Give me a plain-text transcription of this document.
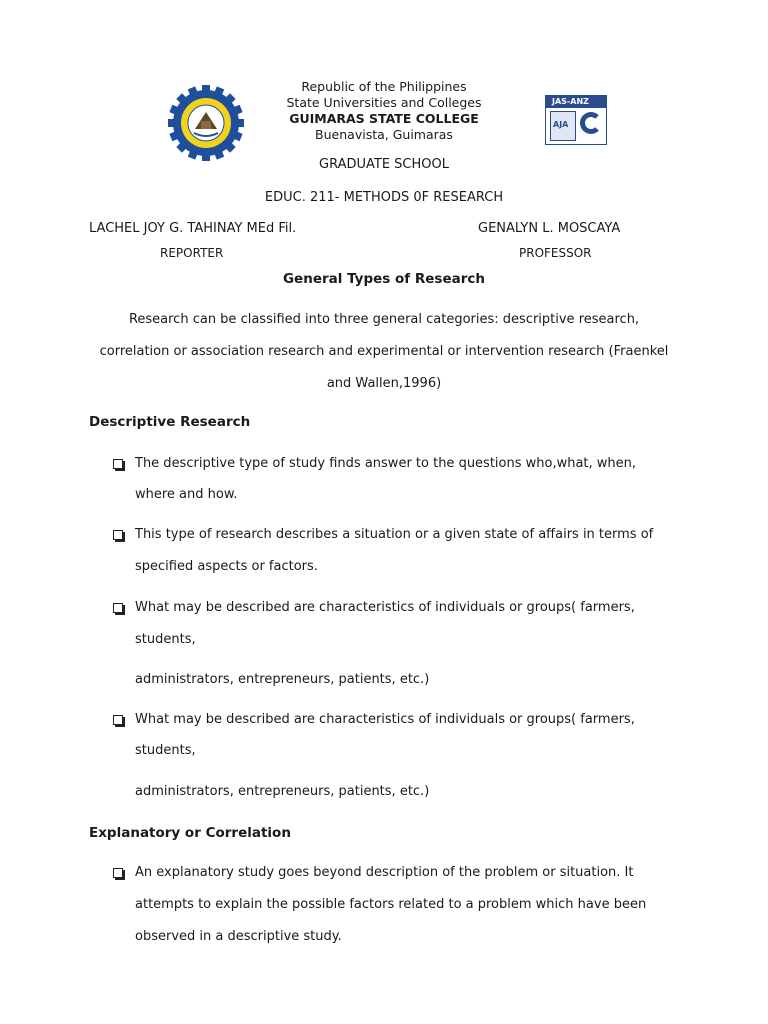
JAS-ANZ
AJA
Republic of the Philippines
State Universities and Colleges
GUIMARAS STATE COLLEGE
Buenavista, Guimaras
GRADUATE SCHOOL
EDUC. 211- METHODS 0F RESEARCH
LACHEL JOY G. TAHINAY MEd Fil.	GENALYN L. MOSCAYA
REPORTER	PROFESSOR
General Types of Research
Research can be classified into three general categories: descriptive research,
correlation or association research and experimental or intervention research (Fraenkel
and Wallen,1996)
Descriptive Research
The descriptive type of study finds answer to the questions who,what, when,
where and how.
This type of research describes a situation or a given state of affairs in terms of
specified aspects or factors.
What may be described are characteristics of individuals or groups( farmers,
students,
administrators, entrepreneurs, patients, etc.)
What may be described are characteristics of individuals or groups( farmers,
students,
administrators, entrepreneurs, patients, etc.)
Explanatory or Correlation
An explanatory study goes beyond description of the problem or situation. It
attempts to explain the possible factors related to a problem which have been
observed in a descriptive study.
